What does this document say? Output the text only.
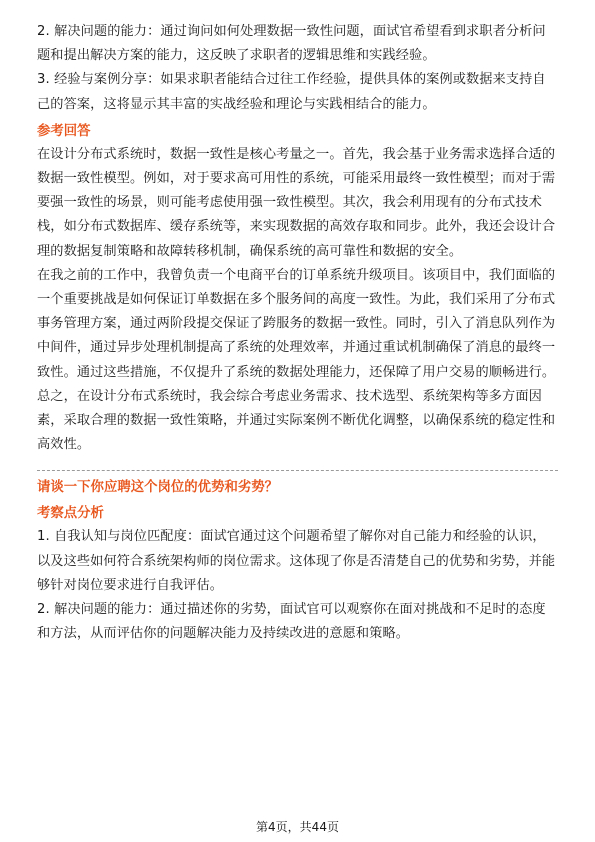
2. 解决问题的能力：通过询问如何处理数据一致性问题，面试官希望看到求职者分析问题和提出解决方案的能力，这反映了求职者的逻辑思维和实践经验。

3. 经验与案例分享：如果求职者能结合过往工作经验，提供具体的案例或数据来支持自己的答案，这将显示其丰富的实战经验和理论与实践相结合的能力。

参考回答

在设计分布式系统时，数据一致性是核心考量之一。首先，我会基于业务需求选择合适的数据一致性模型。例如，对于要求高可用性的系统，可能采用最终一致性模型；而对于需要强一致性的场景，则可能考虑使用强一致性模型。其次，我会利用现有的分布式技术栈，如分布式数据库、缓存系统等，来实现数据的高效存取和同步。此外，我还会设计合理的数据复制策略和故障转移机制，确保系统的高可靠性和数据的安全。

在我之前的工作中，我曾负责一个电商平台的订单系统升级项目。该项目中，我们面临的一个重要挑战是如何保证订单数据在多个服务间的高度一致性。为此，我们采用了分布式事务管理方案，通过两阶段提交保证了跨服务的数据一致性。同时，引入了消息队列作为中间件，通过异步处理机制提高了系统的处理效率，并通过重试机制确保了消息的最终一致性。通过这些措施，不仅提升了系统的数据处理能力，还保障了用户交易的顺畅进行。

总之，在设计分布式系统时，我会综合考虑业务需求、技术选型、系统架构等多方面因素，采取合理的数据一致性策略，并通过实际案例不断优化调整，以确保系统的稳定性和高效性。

请谈一下你应聘这个岗位的优势和劣势？
考察点分析

1. 自我认知与岗位匹配度：面试官通过这个问题希望了解你对自己能力和经验的认识，以及这些如何符合系统架构师的岗位需求。这体现了你是否清楚自己的优势和劣势，并能够针对岗位要求进行自我评估。

2. 解决问题的能力：通过描述你的劣势，面试官可以观察你在面对挑战和不足时的态度和方法，从而评估你的问题解决能力及持续改进的意愿和策略。

第4页，共44页
